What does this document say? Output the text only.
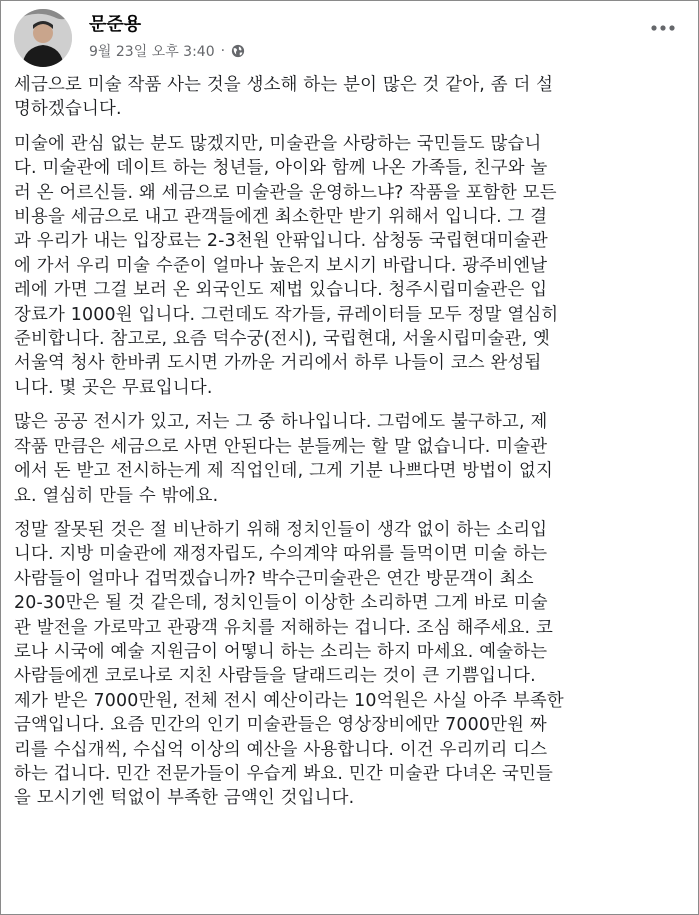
문준용
9월 23일 오후 3:40 ·

세금으로 미술 작품 사는 것을 생소해 하는 분이 많은 것 같아, 좀 더 설
명하겠습니다.

미술에 관심 없는 분도 많겠지만, 미술관을 사랑하는 국민들도 많습니
다. 미술관에 데이트 하는 청년들, 아이와 함께 나온 가족들, 친구와 놀
러 온 어르신들. 왜 세금으로 미술관을 운영하느냐? 작품을 포함한 모든
비용을 세금으로 내고 관객들에겐 최소한만 받기 위해서 입니다. 그 결
과 우리가 내는 입장료는 2-3천원 안팎입니다. 삼청동 국립현대미술관
에 가서 우리 미술 수준이 얼마나 높은지 보시기 바랍니다. 광주비엔날
레에 가면 그걸 보러 온 외국인도 제법 있습니다. 청주시립미술관은 입
장료가 1000원 입니다. 그런데도 작가들, 큐레이터들 모두 정말 열심히
준비합니다. 참고로, 요즘 덕수궁(전시), 국립현대, 서울시립미술관, 옛
서울역 청사 한바퀴 도시면 가까운 거리에서 하루 나들이 코스 완성됩
니다. 몇 곳은 무료입니다.

많은 공공 전시가 있고, 저는 그 중 하나입니다. 그럼에도 불구하고, 제
작품 만큼은 세금으로 사면 안된다는 분들께는 할 말 없습니다. 미술관
에서 돈 받고 전시하는게 제 직업인데, 그게 기분 나쁘다면 방법이 없지
요. 열심히 만들 수 밖에요.

정말 잘못된 것은 절 비난하기 위해 정치인들이 생각 없이 하는 소리입
니다. 지방 미술관에 재정자립도, 수의계약 따위를 들먹이면 미술 하는
사람들이 얼마나 겁먹겠습니까? 박수근미술관은 연간 방문객이 최소
20-30만은 될 것 같은데, 정치인들이 이상한 소리하면 그게 바로 미술
관 발전을 가로막고 관광객 유치를 저해하는 겁니다. 조심 해주세요. 코
로나 시국에 예술 지원금이 어떻니 하는 소리는 하지 마세요. 예술하는
사람들에겐 코로나로 지친 사람들을 달래드리는 것이 큰 기쁨입니다.
제가 받은 7000만원, 전체 전시 예산이라는 10억원은 사실 아주 부족한
금액입니다. 요즘 민간의 인기 미술관들은 영상장비에만 7000만원 짜
리를 수십개씩, 수십억 이상의 예산을 사용합니다. 이건 우리끼리 디스
하는 겁니다. 민간 전문가들이 우습게 봐요. 민간 미술관 다녀온 국민들
을 모시기엔 턱없이 부족한 금액인 것입니다.
